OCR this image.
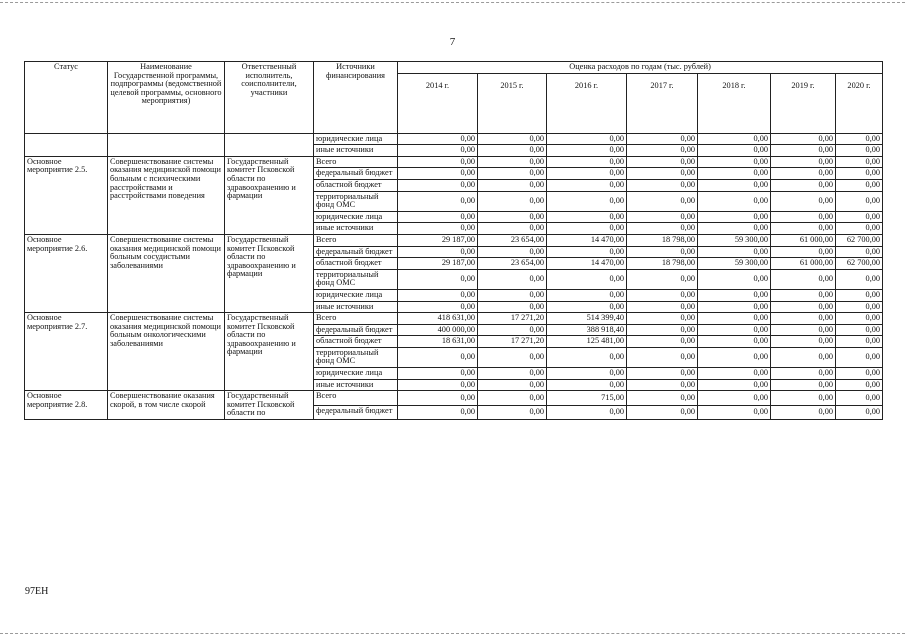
7
Статус	Наименование Государственной программы, подпрограммы (ведомственной целевой программы, основного мероприятия)	Ответственный исполнитель, соисполнители, участники	Источники финансирования	Оценка расходов по годам (тыс. рублей)						
				2014 г.	2015 г.	2016 г.	2017 г.	2018 г.	2019 г.	2020 г.
			юридические лица	0,00	0,00	0,00	0,00	0,00	0,00	0,00
			иные источники	0,00	0,00	0,00	0,00	0,00	0,00	0,00
Основное мероприятие 2.5.	Совершенствование системы оказания медицинской помощи больным с психическими расстройствами и расстройствами поведения	Государственный комитет Псковской области по здравоохранению и фармации	Всего	0,00	0,00	0,00	0,00	0,00	0,00	0,00
			федеральный бюджет	0,00	0,00	0,00	0,00	0,00	0,00	0,00
			областной бюджет	0,00	0,00	0,00	0,00	0,00	0,00	0,00
			территориальный фонд ОМС	0,00	0,00	0,00	0,00	0,00	0,00	0,00
			юридические лица	0,00	0,00	0,00	0,00	0,00	0,00	0,00
			иные источники	0,00	0,00	0,00	0,00	0,00	0,00	0,00
Основное мероприятие 2.6.	Совершенствование системы оказания медицинской помощи больным сосудистыми заболеваниями	Государственный комитет Псковской области по здравоохранению и фармации	Всего	29 187,00	23 654,00	14 470,00	18 798,00	59 300,00	61 000,00	62 700,00
			федеральный бюджет	0,00	0,00	0,00	0,00	0,00	0,00	0,00
			областной бюджет	29 187,00	23 654,00	14 470,00	18 798,00	59 300,00	61 000,00	62 700,00
			территориальный фонд ОМС	0,00	0,00	0,00	0,00	0,00	0,00	0,00
			юридические лица	0,00	0,00	0,00	0,00	0,00	0,00	0,00
			иные источники	0,00	0,00	0,00	0,00	0,00	0,00	0,00
Основное мероприятие 2.7.	Совершенствование системы оказания медицинской помощи больным онкологическими заболеваниями	Государственный комитет Псковской области по здравоохранению и фармации	Всего	418 631,00	17 271,20	514 399,40	0,00	0,00	0,00	0,00
			федеральный бюджет	400 000,00	0,00	388 918,40	0,00	0,00	0,00	0,00
			областной бюджет	18 631,00	17 271,20	125 481,00	0,00	0,00	0,00	0,00
			территориальный фонд ОМС	0,00	0,00	0,00	0,00	0,00	0,00	0,00
			юридические лица	0,00	0,00	0,00	0,00	0,00	0,00	0,00
			иные источники	0,00	0,00	0,00	0,00	0,00	0,00	0,00
Основное мероприятие 2.8.	Совершенствование оказания скорой, в том числе скорой	Государственный комитет Псковской области по	Всего	0,00	0,00	715,00	0,00	0,00	0,00	0,00
			федеральный бюджет	0,00	0,00	0,00	0,00	0,00	0,00	0,00
97EH
